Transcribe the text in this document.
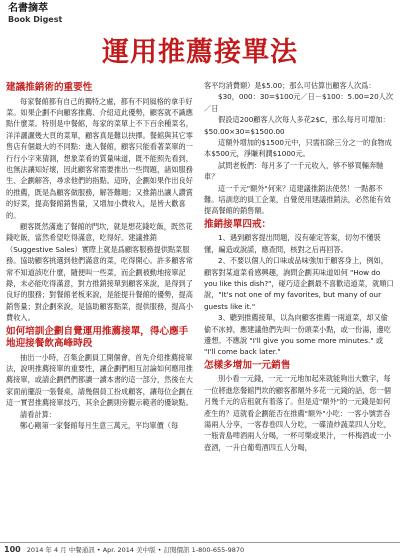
名書摘萃
Book Digest
運用推薦接單法

建議推銷術的重要性

每家餐館都有自己的獨特之處，都有不同風格的拿手好菜。如果企劃不向顧客推薦、介紹這此優勢，顧客就不識應點什麼菜。特別是中餐館，每家的菜單上不下百余種菜名，洋洋灑灑幾大頁的菜單，顧客真是難以抉擇。餐館與其它零售店有個最大的不同點：進入餐館，顧客只能看著菜單的一行行小字來猜測，想象菜肴的質量味道，既不能照先看到，也無法讓知好壞，因此顧客常需要推出一些問題，諸如服務生、企劃解答，尋求他們的指點。這時，企劃如果作出良好的推薦，既是為顧客做服務，解答難題；又推銷出讓人讚賞的好菜，提高餐館銷售量，又增加小費收入，是皆大歡喜的。

顧客既然滿進了餐館的門坎，就是想花錢吃飯，既然花錢吃飯，當然希望吃得滿意，吃得好。建議推銷（Suggestive Sales）實際上就是爲顧客服務提供點菜服務。協助顧客挑選到他們滿意的菜，吃得開心。許多顧客常常不知道該吃什麼，隨便叫一些菜，而企劃被動地接單記錄，未必能吃得滿意，對方推銷接單到顧客來說，是得到了良好的服務；對餐館老板來說，是能提升餐館的優勢，提高銷售量；對企劃來說，是協助顧客點菜，提供服務，提高小費收入。

如何培訓企劃自覺運用推薦接單，得心應手地迎接餐飲高峰時段

抽出一小時，召集企劃員工開個會，首先介紹推薦接單法，說明推薦接單的重要性，讓企劃們相互討論如何應用推薦接單，或請企劃們們都讀一讀本書的這一部分，然後在大家面前擺設一張餐桌，請幾個員工扮成顧客，讓每位企劃在這一實習推薦接單技巧，其余企劃則旁觀示範者的優缺點。

請看計算：

鄭心剛第一家餐館每月生意三萬元，平均單價（每

客平均消費額）是$5.00；那么可估算出顧客人次爲：

$30，000：30=$100元／日－$100：5.00=20人次／日

假設這200顧客人次每人多花2$C，那么每月可增加：$50.00×30=$1500.00

這額外增加的$1500元中，只需扣除三分之一的食物成本$500元，淨賺利潤$1000元。

試問老板們：每月多了一千元收入，够不够買輛奔馳車？

這一千元"額外"何來？這建議推銷法使然！一點都不難。培訓您的員工企業，自覺使用建議推銷法，必然能有效提高餐館的銷售額。

推銷接單四戒：

1、遇到顧客提出問題，沒有確定答案，切勿不懂裝懂，編造或說謊，應查問，核對之后再回答。

2、不要以個人的口味或品味強加于顧客身上，例如，顧客對某道菜肴感興趣，詢問企劃其味道如何 "How do you like this dish?"，碰巧這企劃最不喜歡這道菜，就順口說，"It's not one of my favorites, but many of our guests like it."

3、聽到推薦接單，以為向顧客推薦一兩道菜，却又偷偷不冰掉，應建議他們先叫一份頭菜小點，或一份湯，邊吃邊想。不應說 "I'll give you some more minutes." 或 "I'll come back later."

怎樣多增加一元銷售

別小看一元錢，一元一元地加起來就能夠出大數字，每一位將進您餐館門坎的顧客都額外多花一元錢的話，您一個月幾千元的店租就有着落了。但是這"額外"的一元錢是如何產生的？這就看企劃能否在推薦"額外"小吃：一客小號雲吞湯兩人分享，一客春卷四人分吃，一碟清炒蔬菜四人分吃，一瓶青島啤酒兩人分喝，一杯可樂或果汁，一杯梅酒或一小壺酒，一升白葡萄酒四五人分喝，

100 2014 年 4 月 中餐通訊 • Apr. 2014 美中版 • 訂閱價訊 1-800-655-9870
